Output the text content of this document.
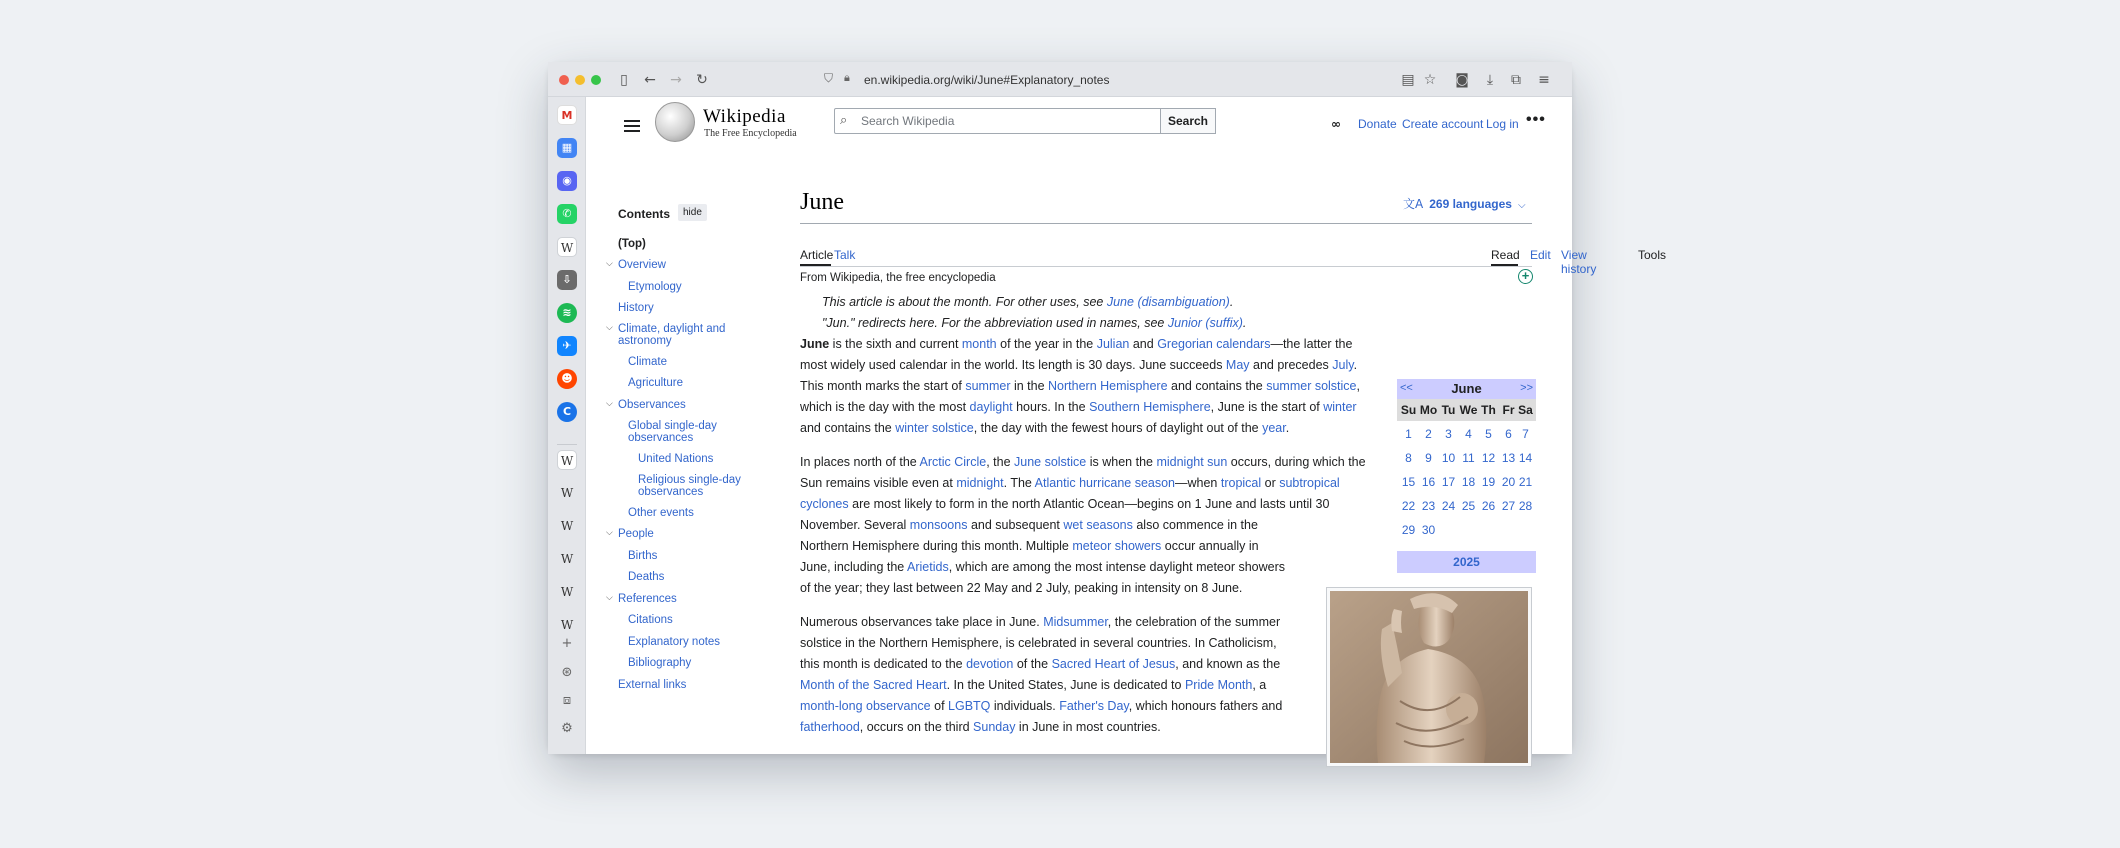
▯	← → ↻	⛉ 🔒︎ en.wikipedia.org/wiki/June#Explanatory_notes	▤ ☆ ◙	⤓	⧉	≡
M
▦
◉
✆
W
⇩
≋
✈
☻
C
W
W
W
W
W
W
+
⊛
⧈
⚙
Wikipedia
The Free Encyclopedia
⌕
Search Wikipedia	Search	∞ Donate Create account Log in •••
Contents	hide
(Top)
⌵ Overview
Etymology
History
⌵ Climate, daylight and astronomy
Climate
Agriculture
⌵ Observances
Global single-day observances
United Nations
Religious single-day observances
Other events
⌵ People
Births
Deaths
⌵ References
Citations
Explanatory notes
Bibliography
External links
June	文A 269 languages ⌵
Article Talk	Read Edit View history
Tools
From Wikipedia, the free encyclopedia	+
This article is about the month. For other uses, see June (disambiguation).
"Jun." redirects here. For the abbreviation used in names, see Junior (suffix).

June is the sixth and current month of the year in the Julian and Gregorian calendars—the latter the

most widely used calendar in the world. Its length is 30 days. June succeeds May and precedes July.

This month marks the start of summer in the Northern Hemisphere and contains the summer solstice,

which is the day with the most daylight hours. In the Southern Hemisphere, June is the start of winter

and contains the winter solstice, the day with the fewest hours of daylight out of the year.

In places north of the Arctic Circle, the June solstice is when the midnight sun occurs, during which the

Sun remains visible even at midnight. The Atlantic hurricane season—when tropical or subtropical

cyclones are most likely to form in the north Atlantic Ocean—begins on 1 June and lasts until 30

November. Several monsoons and subsequent wet seasons also commence in the

Northern Hemisphere during this month. Multiple meteor showers occur annually in

June, including the Arietids, which are among the most intense daylight meteor showers

of the year; they last between 22 May and 2 July, peaking in intensity on 8 June.

Numerous observances take place in June. Midsummer, the celebration of the summer

solstice in the Northern Hemisphere, is celebrated in several countries. In Catholicism,

this month is dedicated to the devotion of the Sacred Heart of Jesus, and known as the

Month of the Sacred Heart. In the United States, June is dedicated to Pride Month, a

month-long observance of LGBTQ individuals. Father's Day, which honours fathers and

fatherhood, occurs on the third Sunday in June in most countries.

<<	June	>>
Su Mo Tu We Th Fr Sa
1	2	3	4	5	6 7
8	9 10 11 12 13 14
15 16 17 18 19 20 21
22 23 24 25 26 27 28
29 30
2025
